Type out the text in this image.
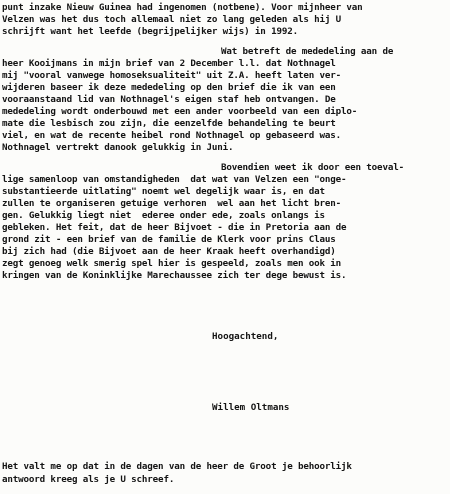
punt inzake Nieuw Guinea had ingenomen (notbene). Voor mijnheer van
Velzen was het dus toch allemaal niet zo lang geleden als hij U
schrijft want het leefde (begrijpelijker wijs) in 1992.
Wat betreft de mededeling aan de
heer Kooijmans in mijn brief van 2 December l.l. dat Nothnagel
mij "vooral vanwege homoseksualiteit" uit Z.A. heeft laten ver-
wijderen baseer ik deze mededeling op den brief die ik van een
vooraanstaand lid van Nothnagel's eigen staf heb ontvangen. De
mededeling wordt onderbouwd met een ander voorbeeld van een diplo-
mate die lesbisch zou zijn, die eenzelfde behandeling te beurt
viel, en wat de recente heibel rond Nothnagel op gebaseerd was.
Nothnagel vertrekt danook gelukkig in Juni.
Bovendien weet ik door een toeval-
lige samenloop van omstandigheden  dat wat van Velzen een "onge-
substantieerde uitlating" noemt wel degelijk waar is, en dat
zullen te organiseren getuige verhoren  wel aan het licht bren-
gen. Gelukkig liegt niet  ederee onder ede, zoals onlangs is
gebleken. Het feit, dat de heer Bijvoet - die in Pretoria aan de
grond zit - een brief van de familie de Klerk voor prins Claus
bij zich had (die Bijvoet aan de heer Kraak heeft overhandigd)
zegt genoeg welk smerig spel hier is gespeeld, zoals men ook in
kringen van de Koninklijke Marechaussee zich ter dege bewust is.
Hoogachtend,
Willem Oltmans
Het valt me op dat in de dagen van de heer de Groot je behoorlijk
antwoord kreeg als je U schreef.
